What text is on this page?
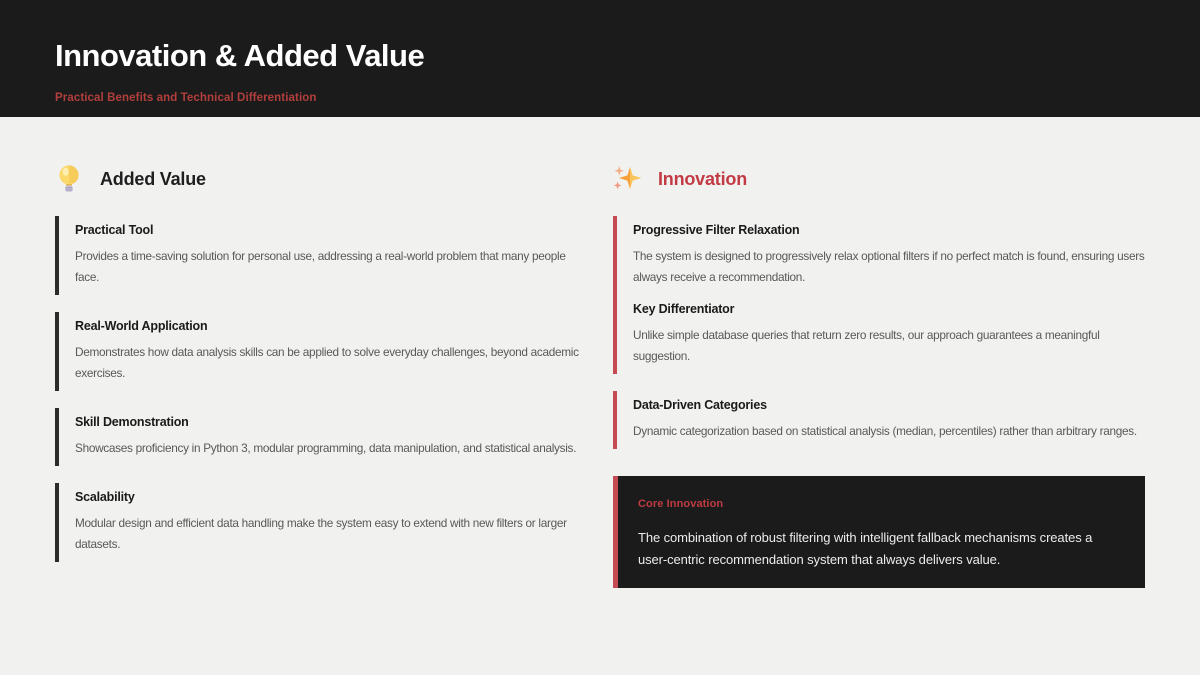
Innovation & Added Value
Practical Benefits and Technical Differentiation
Added Value
Practical Tool

Provides a time-saving solution for personal use, addressing a real-world problem that many people face.

Real-World Application

Demonstrates how data analysis skills can be applied to solve everyday challenges, beyond academic exercises.

Skill Demonstration

Showcases proficiency in Python 3, modular programming, data manipulation, and statistical analysis.

Scalability

Modular design and efficient data handling make the system easy to extend with new filters or larger datasets.

Innovation
Progressive Filter Relaxation

The system is designed to progressively relax optional filters if no perfect match is found, ensuring users always receive a recommendation.

Key Differentiator

Unlike simple database queries that return zero results, our approach guarantees a meaningful suggestion.

Data-Driven Categories

Dynamic categorization based on statistical analysis (median, percentiles) rather than arbitrary ranges.

Core Innovation

The combination of robust filtering with intelligent fallback mechanisms creates a user-centric recommendation system that always delivers value.
